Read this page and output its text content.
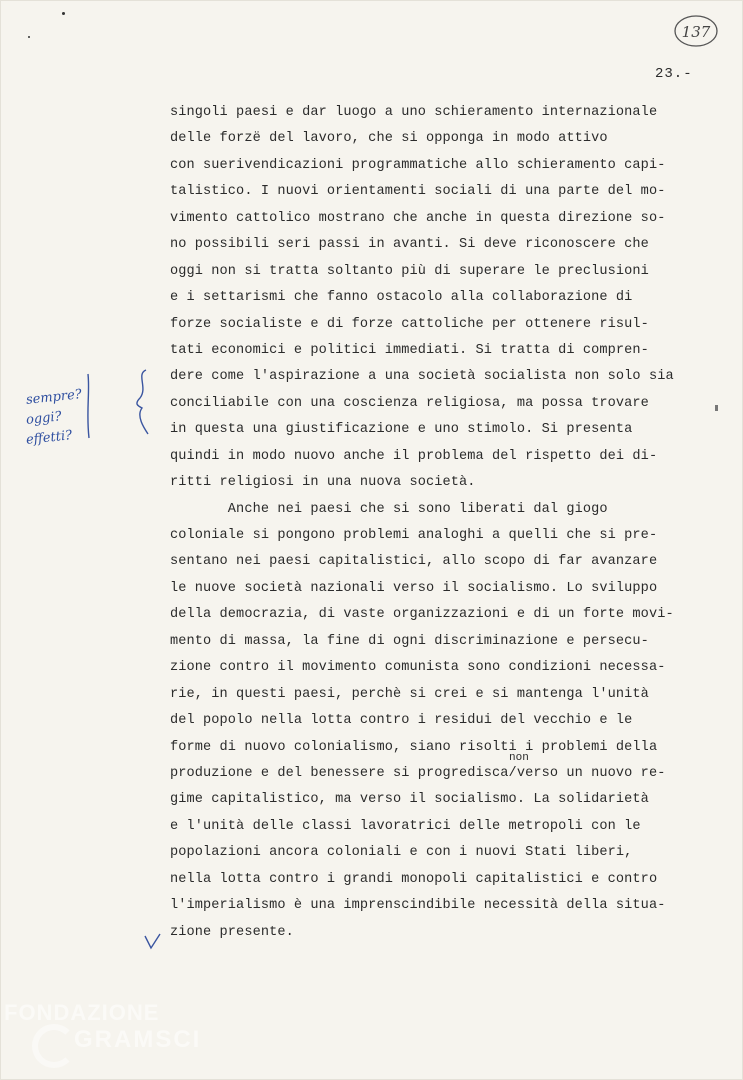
137
23.-
singoli paesi e dar luogo a uno schieramento internazionale
delle forzë del lavoro, che si opponga in modo attivo
con suerivendicazioni programmatiche allo schieramento capi-
talistico. I nuovi orientamenti sociali di una parte del mo-
vimento cattolico mostrano che anche in questa direzione so-
no possibili seri passi in avanti. Si deve riconoscere che
oggi non si tratta soltanto più di superare le preclusioni
e i settarismi che fanno ostacolo alla collaborazione di
forze socialiste e di forze cattoliche per ottenere risul-
tati economici e politici immediati. Si tratta di compren-
dere come l'aspirazione a una società socialista non solo sia
conciliabile con una coscienza religiosa, ma possa trovare
in questa una giustificazione e uno stimolo. Si presenta
quindi in modo nuovo anche il problema del rispetto dei di-
ritti religiosi in una nuova società.
Anche nei paesi che si sono liberati dal giogo
coloniale si pongono problemi analoghi a quelli che si pre-
sentano nei paesi capitalistici, allo scopo di far avanzare
le nuove società nazionali verso il socialismo. Lo sviluppo
della democrazia, di vaste organizzazioni e di un forte movi-
mento di massa, la fine di ogni discriminazione e persecu-
zione contro il movimento comunista sono condizioni necessa-
rie, in questi paesi, perchè si crei e si mantenga l'unità
del popolo nella lotta contro i residui del vecchio e le
forme di nuovo colonialismo, siano risolti i problemi della
produzione e del benessere si progredisca/verso un nuovo re-
gime capitalistico, ma verso il socialismo. La solidarietà
e l'unità delle classi lavoratrici delle metropoli con le
popolazioni ancora coloniali e con i nuovi Stati liberi,
nella lotta contro i grandi monopoli capitalistici e contro
l'imperialismo è una imprenscindibile necessità della situa-
zione presente.
non
sempre?
oggi?
effetti?
FONDAZIONE
GRAMSCI
